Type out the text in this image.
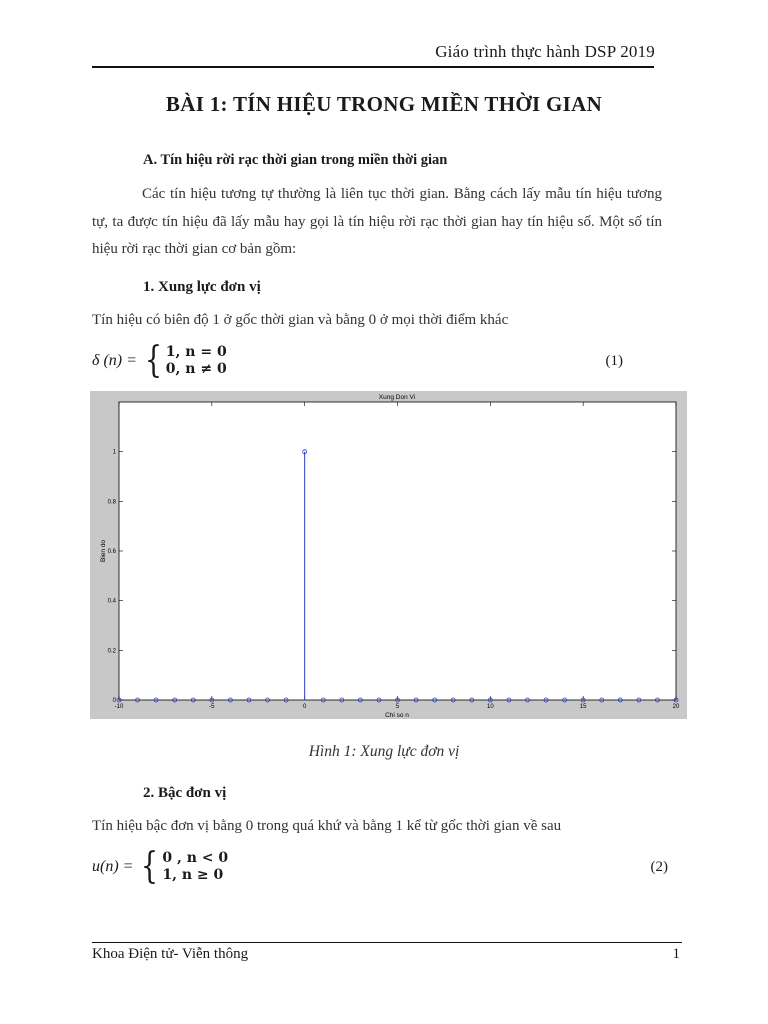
Giáo trình thực hành DSP 2019
BÀI 1: TÍN HIỆU TRONG MIỀN THỜI GIAN
A. Tín hiệu rời rạc thời gian trong miền thời gian
Các tín hiệu tương tự thường là liên tục thời gian. Bằng cách lấy mẫu tín hiệu tương tự, ta được tín hiệu đã lấy mẫu hay gọi là tín hiệu rời rạc thời gian hay tín hiệu số. Một số tín hiệu rời rạc thời gian cơ bản gồm:
1. Xung lực đơn vị
Tín hiệu có biên độ 1 ở gốc thời gian và bằng 0 ở mọi thời điểm khác
δ (n) = { 1, n = 0
0, n ≠ 0	(1)
Xung Don Vi
Chi so n
Bien do
-10	-5	0	5	10	15	20
0
0.2
0.4
0.6
0.8
1
Hình 1: Xung lực đơn vị
2. Bậc đơn vị
Tín hiệu bậc đơn vị bằng 0 trong quá khứ và bằng 1 kể từ gốc thời gian về sau
u(n) = { 0 , n < 0
1, n ≥ 0	(2)
Khoa Điện tử- Viễn thông	1
